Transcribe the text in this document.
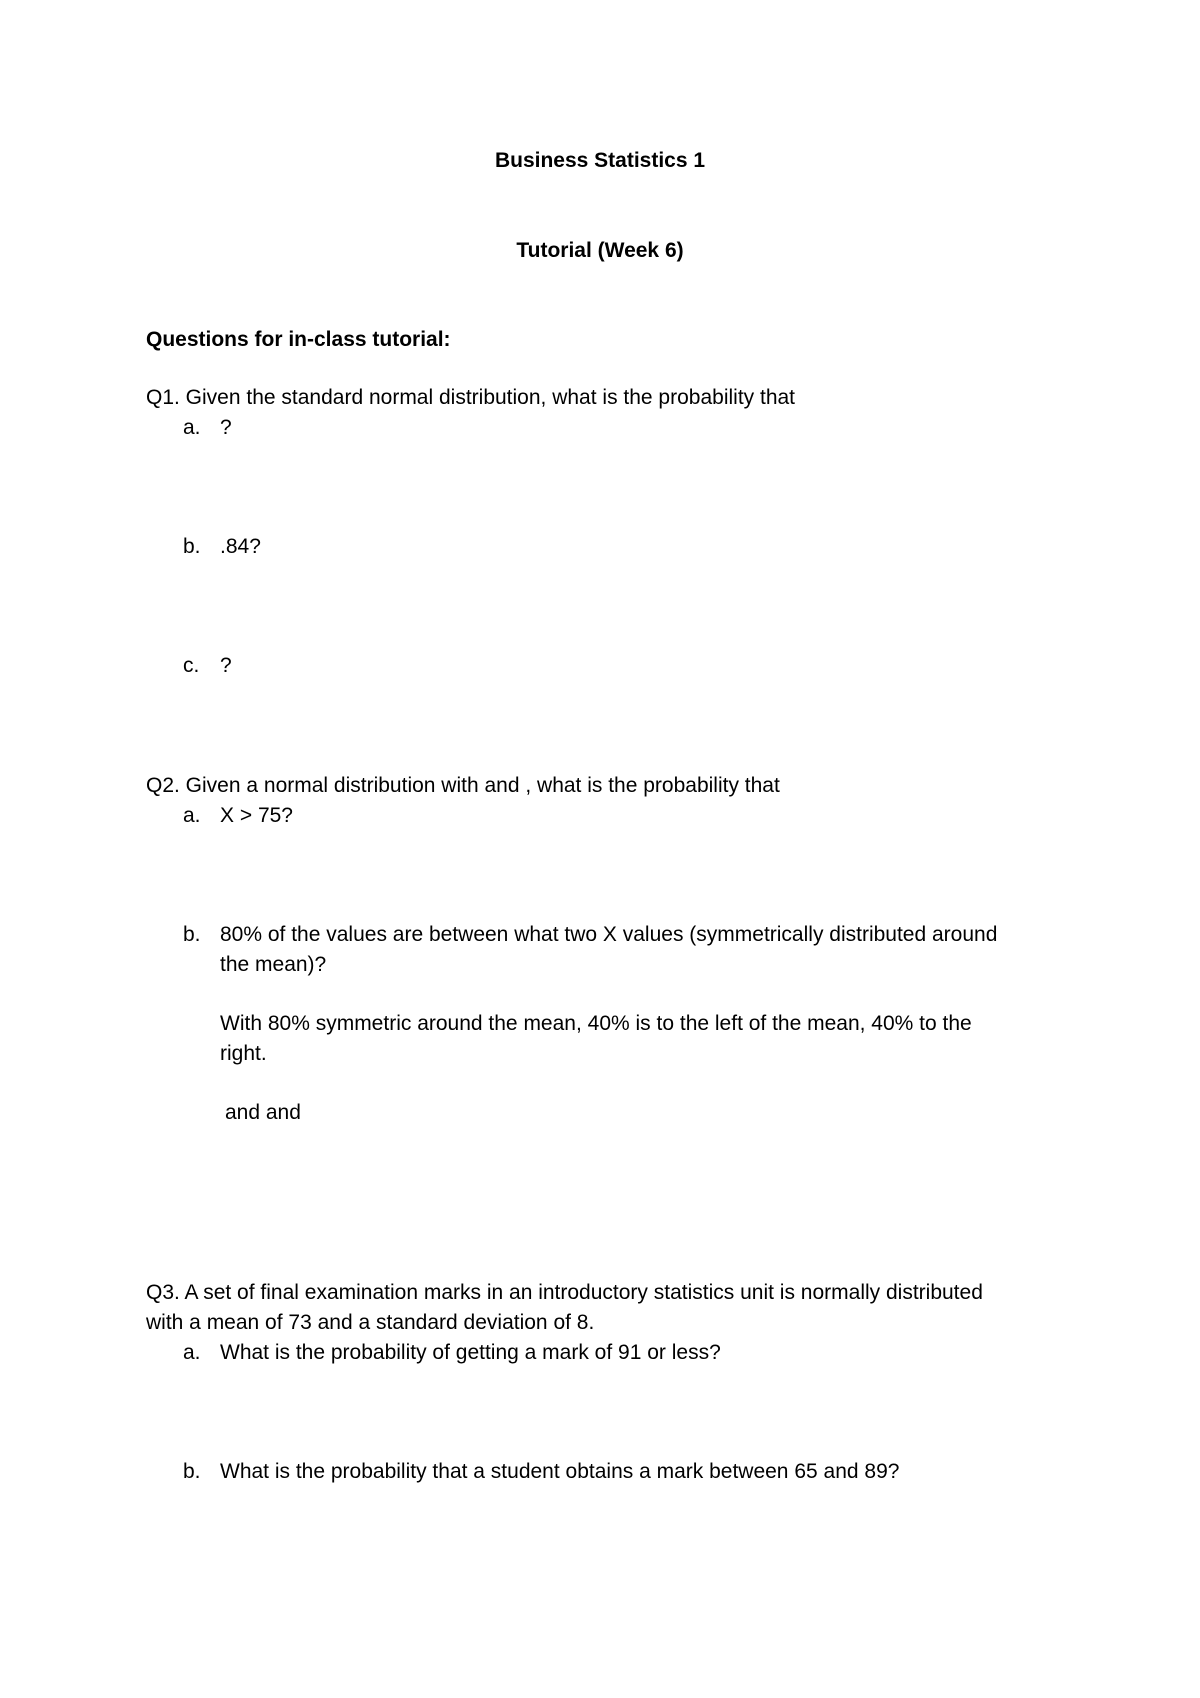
Business Statistics 1

Tutorial (Week 6)

Questions for in-class tutorial:

Q1. Given the standard normal distribution, what is the probability that

a. ?
b. .84?
c. ?

Q2. Given a normal distribution with and , what is the probability that

a. X > 75?
b. 80% of the values are between what two X values (symmetrically distributed around
the mean)?
With 80% symmetric around the mean, 40% is to the left of the mean, 40% to the
right.
and and

Q3. A set of final examination marks in an introductory statistics unit is normally distributed

with a mean of 73 and a standard deviation of 8.

a. What is the probability of getting a mark of 91 or less?
b. What is the probability that a student obtains a mark between 65 and 89?
